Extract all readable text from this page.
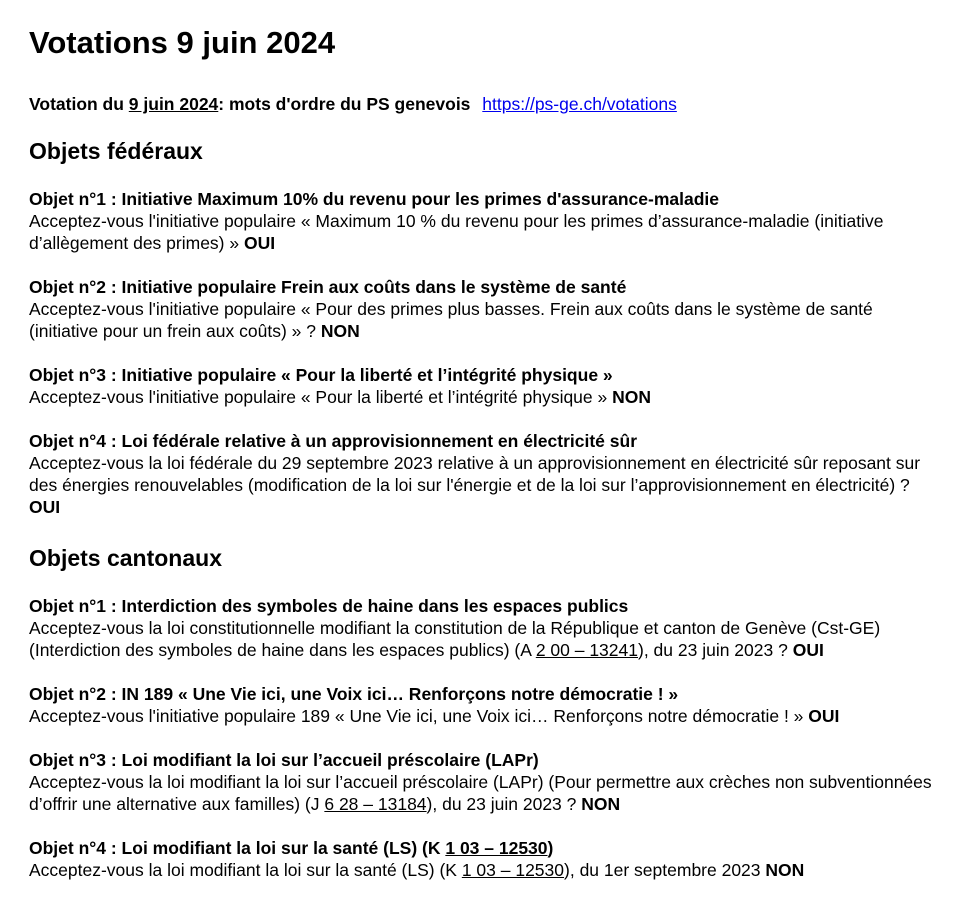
Votations 9 juin 2024
Votation du 9 juin 2024: mots d'ordre du PS genevois https://ps-ge.ch/votations
Objets fédéraux
Objet n°1 : Initiative Maximum 10% du revenu pour les primes d'assurance-maladie
Acceptez-vous l'initiative populaire « Maximum 10 % du revenu pour les primes d’assurance-maladie (initiative d’allègement des primes) » OUI
Objet n°2 : Initiative populaire Frein aux coûts dans le système de santé
Acceptez-vous l'initiative populaire « Pour des primes plus basses. Frein aux coûts dans le système de santé (initiative pour un frein aux coûts) » ? NON
Objet n°3 : Initiative populaire « Pour la liberté et l’intégrité physique »
Acceptez-vous l'initiative populaire « Pour la liberté et l’intégrité physique » NON
Objet n°4 : Loi fédérale relative à un approvisionnement en électricité sûr
Acceptez-vous la loi fédérale du 29 septembre 2023 relative à un approvisionnement en électricité sûr reposant sur des énergies renouvelables (modification de la loi sur l'énergie et de la loi sur l’approvisionnement en électricité) ? OUI
Objets cantonaux
Objet n°1 : Interdiction des symboles de haine dans les espaces publics
Acceptez-vous la loi constitutionnelle modifiant la constitution de la République et canton de Genève (Cst-GE) (Interdiction des symboles de haine dans les espaces publics) (A 2 00 – 13241), du 23 juin 2023 ? OUI
Objet n°2 : IN 189 « Une Vie ici, une Voix ici… Renforçons notre démocratie ! »
Acceptez-vous l'initiative populaire 189 « Une Vie ici, une Voix ici… Renforçons notre démocratie ! » OUI
Objet n°3 : Loi modifiant la loi sur l’accueil préscolaire (LAPr)
Acceptez-vous la loi modifiant la loi sur l’accueil préscolaire (LAPr) (Pour permettre aux crèches non subventionnées d’offrir une alternative aux familles) (J 6 28 – 13184), du 23 juin 2023 ? NON
Objet n°4 : Loi modifiant la loi sur la santé (LS) (K 1 03 – 12530)
Acceptez-vous la loi modifiant la loi sur la santé (LS) (K 1 03 – 12530), du 1er septembre 2023 NON
